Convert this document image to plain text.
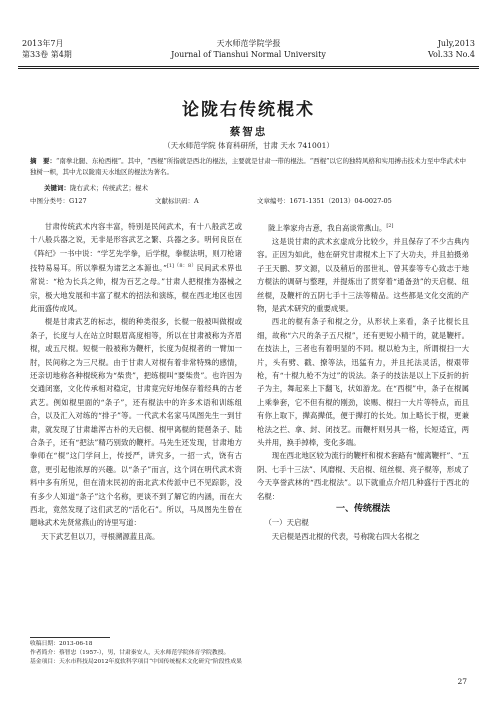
2013年7月
第33卷 第4期
天水师范学院学报
Journal of Tianshui Normal University
July,2013
Vol.33 No.4
论陇右传统棍术
蔡智忠
（天水师范学院 体育科研所，甘肃 天水 741001）
摘　要：“南拳北腿、东枪西棍”。其中，“西棍”所指就是西北的棍法，主要就是甘肃一带的棍法。“西棍”以它的独特风格和实用搏击技术力至中华武术中独树一帜，其中尤以陇南天水地区的棍法为著名。
关键词：陇右武术；传统武艺；棍术
中图分类号：G127	文献标识码：A	文章编号：1671-1351（2013）04-0027-05

甘肃传统武术内容丰富，特别是民间武术，有十八般武艺或十八般兵器之说，无非是形容武艺之繁、兵器之多。明何良臣在《阵纪》一书中说：“学艺先学拳，后学棍，拳棍法明，则刀枪诸技特易易耳。所以拳棍为诸艺之本源也。”$^{[1](8:8)}$民间武术界也常说：“枪为长兵之帅，棍为百艺之母。”甘肃人把棍推为器械之宗，极大地发展和丰富了棍术的招法和演练，棍在西北地区也因此而盛传成风。

棍是甘肃武艺的标志，棍的种类很多，长棍一般被叫做棍或条子，长度与人在站立时眼眉高度相等，所以在甘肃被称为齐眉棍，或五尺棍。短棍一般被称为鞭杆，长度为促棍者的一臂加一肘，民间称之为三尺棍。由于甘肃人对棍有着非常特殊的感情，还亲切地称各种棍统称为“柴贵”，把练棍叫“要柴贵”。也许因为交通闭塞，文化传承相对稳定，甘肃竟完好地保存着经典的古老武艺。例如棍里面的“条子”，还有棍法中的许多术语和训练组合，以及汇入对练的“排子”等。一代武术名家马凤图先生一到甘肃，就发现了甘肃雄浑古朴的天启棍、棍甲离棍的琵琶条子、陆合条子，还有“把法”精巧别致的鞭杆。马先生还发现，甘肃地方拳师在“棍”这门学问上，传授严，讲究多，一招一式，饶有古意，更引起他浓厚的兴趣。以“条子”而言，这个词在明代武术资料中多有所见，但在清末民初的南北武术传派中已不见踪影，没有多少人知道“条子”这个名称，更谈不到了解它的内涵，而在大西北，竟然发现了这们武艺的“活化石”。所以，马凤图先生曾在题咏武术先贤常燕山的诗里写道：

天下武艺但以刀，寻根溯源蓝且高。

陇上拳家舟古意，我自高谈常燕山。[2]

这是说甘肃的武术玄虚成分比较少，并且保存了不少古典内容。正因为如此，他在研究甘肃棍术上下了大功夫，并且拍摄弟子王天鹏、罗文源，以及稍后的邵世礼、曾其泰等专心致志于地方棍法的调研与整理，并提炼出了贯穿着“通备劲”的天启棍、纽丝棍，及鞭杆的五阴七手十三法等精品。这些都是文化交流的产物，是武术研究的重要成果。

西北的棍有条子和棍之分，从形状上来看，条子比棍长且细，故称“六尺的条子五尺棍”，还有更短小精干的，就是鞭杆。在技法上，三者也有着明显的不同。棍以枪为主，所谓棍扫一大片，头有劈、戳、撩等法，迅猛有力，并且托法灵活，棍艰带枪，有“十棍九枪不为过”的说法。条子的技法是以上下反折的折子为主，舞起来上下翻飞，状如游龙。在“西棍”中，条子在棍属上乘拳套，它不但有棍的刚劲，诶赐、棍扫一大片等特点，而且有你上取下，撵高撵低，便于撵打的长处。加上略长于棍，更兼枪法之拦、拿、封、闭技艺。而鞭杆则另具一格，长短适宜，两头并用，换手掉棒，变化多端。

现在西北地区较为流行的鞭杆和棍术套路有“缠离鞭杆”、“五阴、七手十三法”、风磨棍、天启棍、纽丝棍、亮子棍等，形成了今天享誉武林的“西北棍法”。以下就重点介绍几种盛行于西北的名棍：

一、传统棍法

（一）天启棍

天启棍是西北棍的代表，号称陇右四大名棍之

收稿日期：2013-06-18
作者简介：蔡智忠（1957-），男，甘肃秦安人，天水师范学院体育学院教授。
基金项目：天水市科技局2012年度软科学项目“中国传统棍术文化研究”阶段性成果
27
